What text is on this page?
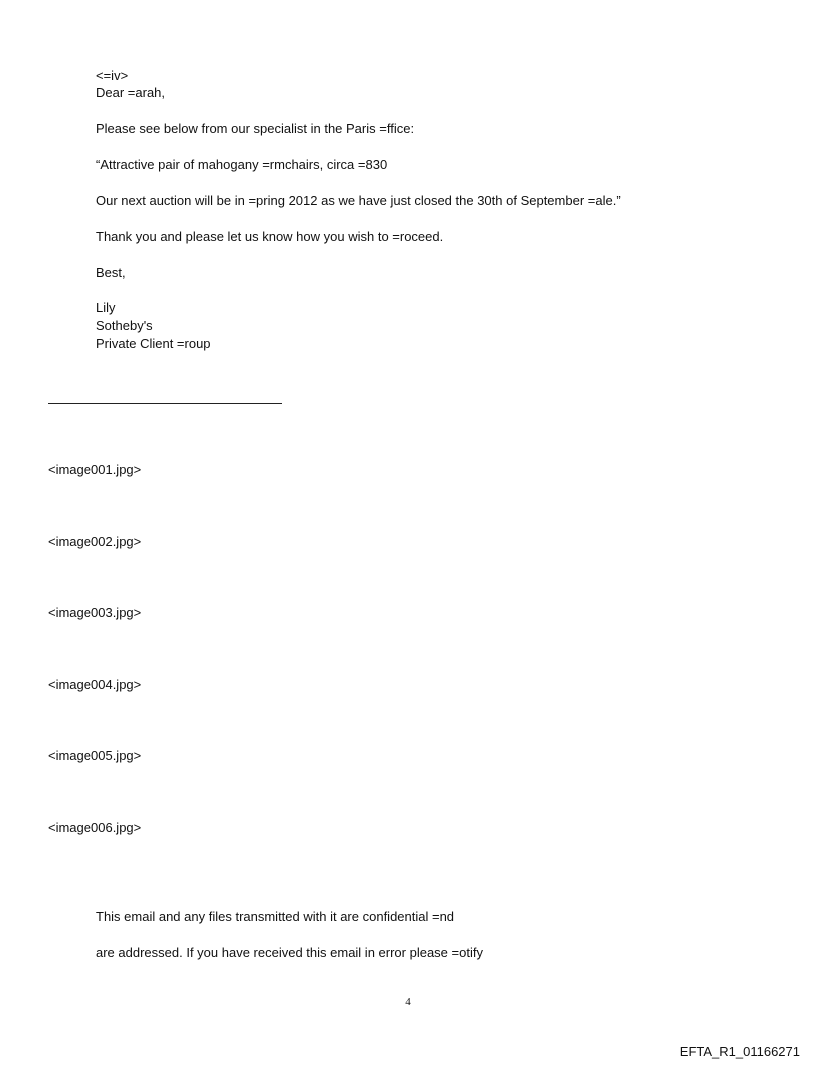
<=iv>
Dear =arah,
Please see below from our specialist in the Paris =ffice:
“Attractive pair of mahogany =rmchairs, circa =830
Our next auction will be in =pring 2012 as we have just closed the 30th of September =ale.”
Thank you and please let us know how you wish to =roceed.
Best,
Lily
Sotheby's
Private Client =roup
<image001.jpg>
<image002.jpg>
<image003.jpg>
<image004.jpg>
<image005.jpg>
<image006.jpg>
This email and any files transmitted with it are confidential =nd
are addressed. If you have received this email in error please =otify
4
EFTA_R1_01166271
